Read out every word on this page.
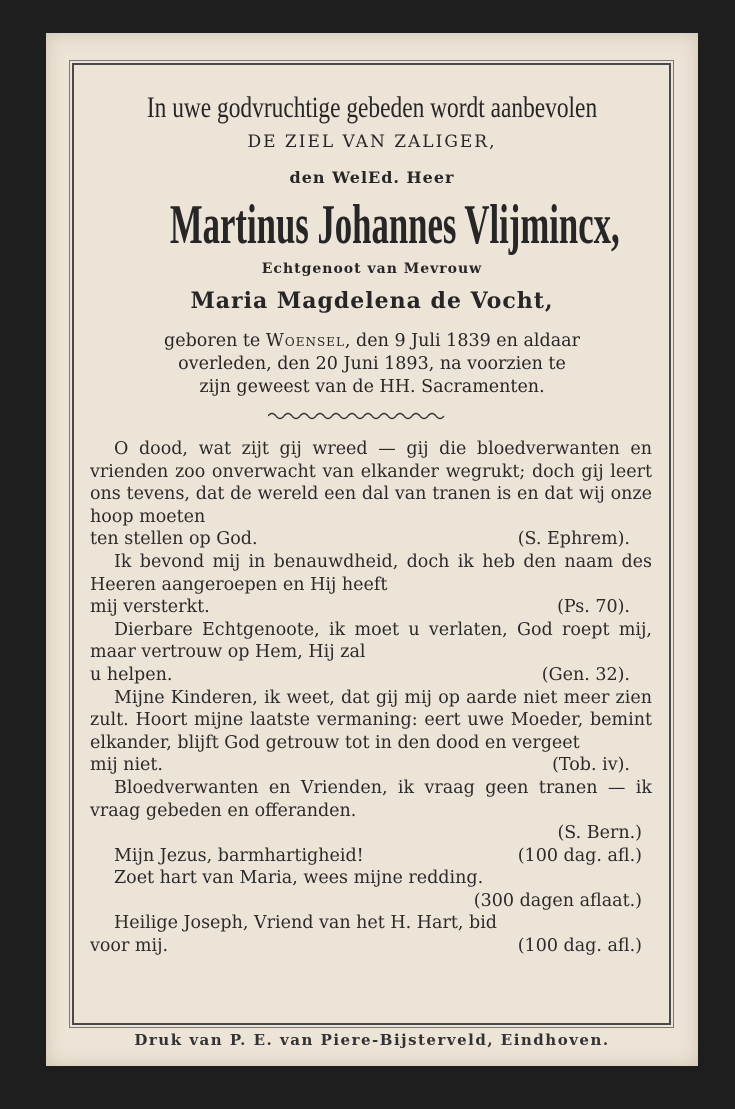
In uwe godvruchtige gebeden wordt aanbevolen
DE ZIEL VAN ZALIGER,
den WelEd. Heer
Martinus Johannes Vlijmincx,
Echtgenoot van Mevrouw
Maria Magdelena de Vocht,
geboren te Woensel, den 9 Juli 1839 en aldaar
overleden, den 20 Juni 1893, na voorzien te
zijn geweest van de HH. Sacramenten.

O dood, wat zijt gij wreed — gij die bloedverwanten en vrienden zoo onverwacht van elkander wegrukt; doch gij leert ons tevens, dat de wereld een dal van tranen is en dat wij onze hoop moeten

ten stellen op God.	(S. Ephrem).

Ik bevond mij in benauwdheid, doch ik heb den naam des Heeren aangeroepen en Hij heeft

mij versterkt.	(Ps. 70).

Dierbare Echtgenoote, ik moet u verlaten, God roept mij, maar vertrouw op Hem, Hij zal

u helpen.	(Gen. 32).

Mijne Kinderen, ik weet, dat gij mij op aarde niet meer zien zult. Hoort mijne laatste vermaning: eert uwe Moeder, bemint elkander, blijft God getrouw tot in den dood en vergeet

mij niet.	(Tob. iv).

Bloedverwanten en Vrienden, ik vraag geen tranen — ik vraag gebeden en offeranden.

(S. Bern.)
Mijn Jezus, barmhartigheid!	(100 dag. afl.)

Zoet hart van Maria, wees mijne redding.

(300 dagen aflaat.)

Heilige Joseph, Vriend van het H. Hart, bid

voor mij.	(100 dag. afl.)
Druk van P. E. van Piere-Bijsterveld, Eindhoven.
